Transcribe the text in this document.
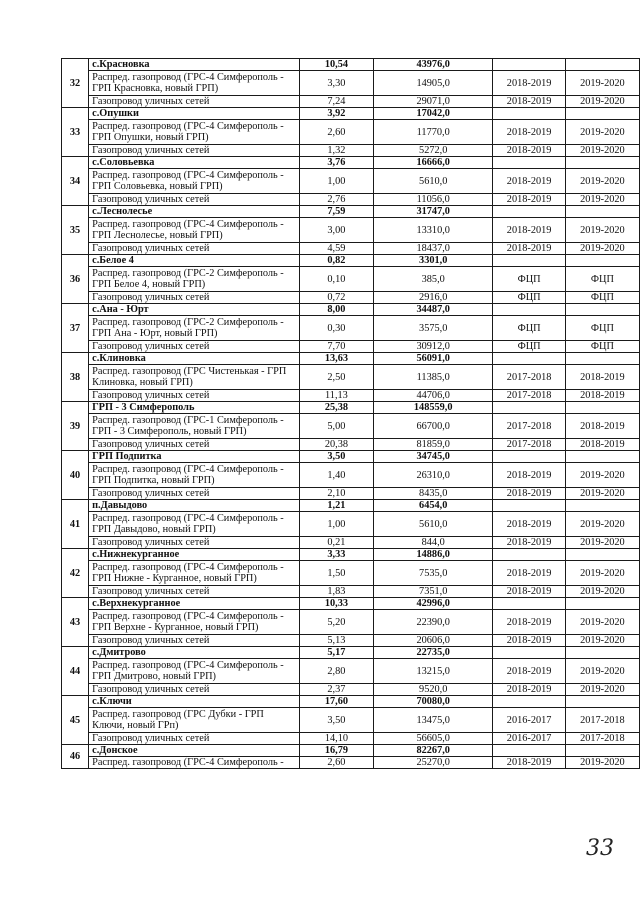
32	с.Красновка	10,54	43976,0		
	Распред. газопровод (ГРС-4 Симферополь - ГРП Красновка, новый ГРП)	3,30	14905,0	2018-2019	2019-2020
	Газопровод уличных сетей	7,24	29071,0	2018-2019	2019-2020
33	с.Опушки	3,92	17042,0		
	Распред. газопровод (ГРС-4 Симферополь - ГРП Опушки, новый ГРП)	2,60	11770,0	2018-2019	2019-2020
	Газопровод уличных сетей	1,32	5272,0	2018-2019	2019-2020
34	с.Соловьевка	3,76	16666,0		
	Распред. газопровод (ГРС-4 Симферополь - ГРП Соловьевка, новый ГРП)	1,00	5610,0	2018-2019	2019-2020
	Газопровод уличных сетей	2,76	11056,0	2018-2019	2019-2020
35	с.Леснолесье	7,59	31747,0		
	Распред. газопровод (ГРС-4 Симферополь - ГРП Леснолесье, новый ГРП)	3,00	13310,0	2018-2019	2019-2020
	Газопровод уличных сетей	4,59	18437,0	2018-2019	2019-2020
36	с.Белое 4	0,82	3301,0		
	Распред. газопровод (ГРС-2 Симферополь - ГРП Белое 4, новый ГРП)	0,10	385,0	ФЦП	ФЦП
	Газопровод уличных сетей	0,72	2916,0	ФЦП	ФЦП
37	с.Ана - Юрт	8,00	34487,0		
	Распред. газопровод (ГРС-2 Симферополь - ГРП Ана - Юрт, новый ГРП)	0,30	3575,0	ФЦП	ФЦП
	Газопровод уличных сетей	7,70	30912,0	ФЦП	ФЦП
38	с.Клиновка	13,63	56091,0		
	Распред. газопровод (ГРС Чистенькая - ГРП Клиновка, новый ГРП)	2,50	11385,0	2017-2018	2018-2019
	Газопровод уличных сетей	11,13	44706,0	2017-2018	2018-2019
39	ГРП - 3 Симферополь	25,38	148559,0		
	Распред. газопровод (ГРС-1 Симферополь - ГРП - 3 Симферополь, новый ГРП)	5,00	66700,0	2017-2018	2018-2019
	Газопровод уличных сетей	20,38	81859,0	2017-2018	2018-2019
40	ГРП Подпитка	3,50	34745,0		
	Распред. газопровод (ГРС-4 Симферополь - ГРП Подпитка, новый ГРП)	1,40	26310,0	2018-2019	2019-2020
	Газопровод уличных сетей	2,10	8435,0	2018-2019	2019-2020
41	п.Давыдово	1,21	6454,0		
	Распред. газопровод (ГРС-4 Симферополь - ГРП Давыдово, новый ГРП)	1,00	5610,0	2018-2019	2019-2020
	Газопровод уличных сетей	0,21	844,0	2018-2019	2019-2020
42	с.Нижнекурганное	3,33	14886,0		
	Распред. газопровод (ГРС-4 Симферополь - ГРП Нижне - Курганное, новый ГРП)	1,50	7535,0	2018-2019	2019-2020
	Газопровод уличных сетей	1,83	7351,0	2018-2019	2019-2020
43	с.Верхнекурганное	10,33	42996,0		
	Распред. газопровод (ГРС-4 Симферополь - ГРП Верхне - Курганное, новый ГРП)	5,20	22390,0	2018-2019	2019-2020
	Газопровод уличных сетей	5,13	20606,0	2018-2019	2019-2020
44	с.Дмитрово	5,17	22735,0		
	Распред. газопровод (ГРС-4 Симферополь - ГРП Дмитрово, новый ГРП)	2,80	13215,0	2018-2019	2019-2020
	Газопровод уличных сетей	2,37	9520,0	2018-2019	2019-2020
45	с.Ключи	17,60	70080,0		
	Распред. газопровод (ГРС Дубки - ГРП Ключи, новый ГРп)	3,50	13475,0	2016-2017	2017-2018
	Газопровод уличных сетей	14,10	56605,0	2016-2017	2017-2018
46	с.Донское	16,79	82267,0		
	Распред. газопровод (ГРС-4 Симферополь -	2,60	25270,0	2018-2019	2019-2020
33
